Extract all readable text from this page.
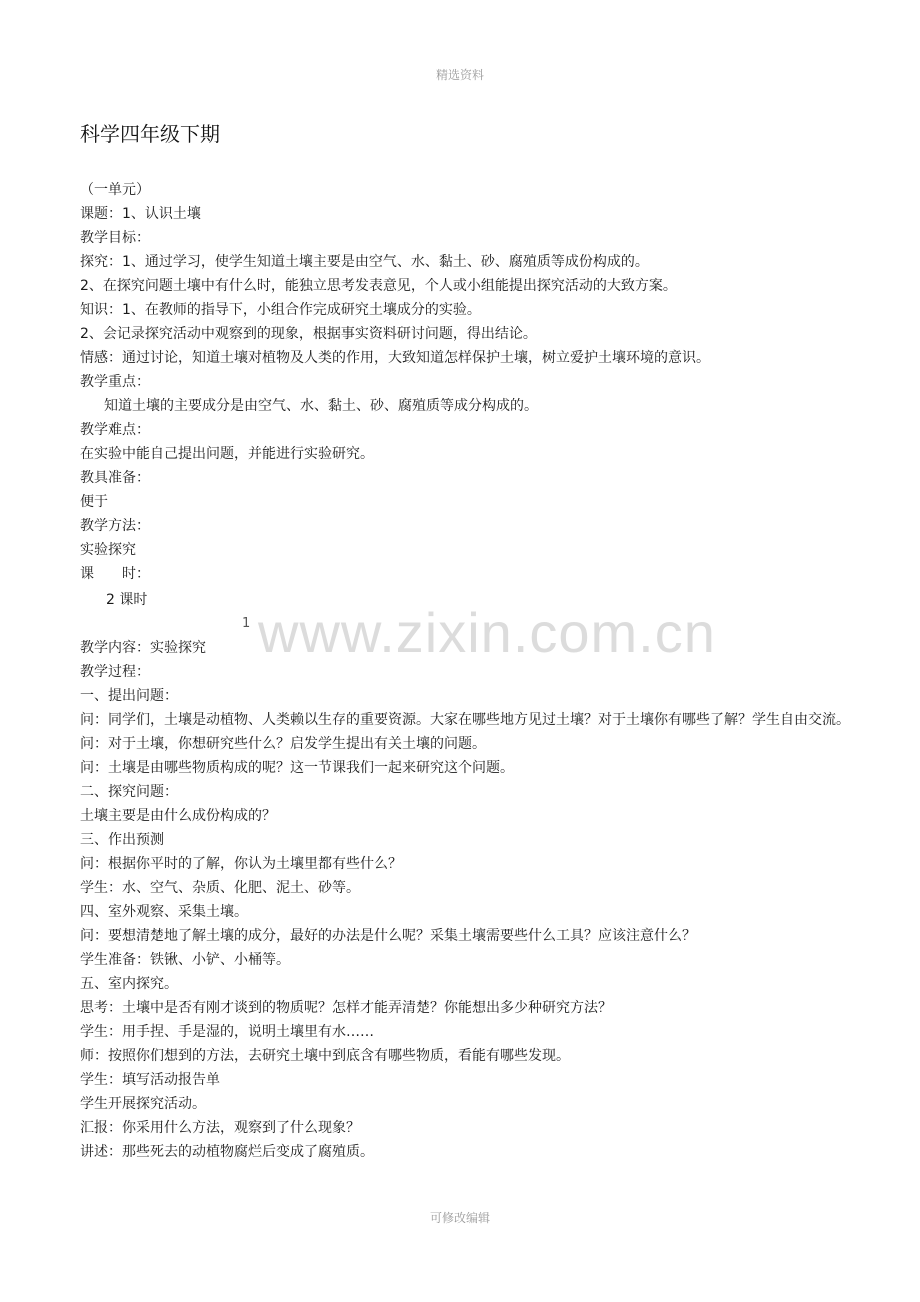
精选资料
www.zixin.com.cn
1
科学四年级下期
（一单元）
课题：1、认识土壤
教学目标：
探究：1、通过学习，使学生知道土壤主要是由空气、水、黏土、砂、腐殖质等成份构成的。
2、在探究问题土壤中有什么时，能独立思考发表意见，个人或小组能提出探究活动的大致方案。
知识：1、在教师的指导下，小组合作完成研究土壤成分的实验。
2、会记录探究活动中观察到的现象，根据事实资料研讨问题，得出结论。
情感：通过讨论，知道土壤对植物及人类的作用，大致知道怎样保护土壤，树立爱护土壤环境的意识。
教学重点：
知道土壤的主要成分是由空气、水、黏土、砂、腐殖质等成分构成的。
教学难点：
在实验中能自己提出问题，并能进行实验研究。
教具准备：
便于
教学方法：
实验探究
课　　时：
2 课时
教学内容：实验探究
教学过程：
一、提出问题：
问：同学们，土壤是动植物、人类赖以生存的重要资源。大家在哪些地方见过土壤？对于土壤你有哪些了解？学生自由交流。
问：对于土壤，你想研究些什么？启发学生提出有关土壤的问题。
问：土壤是由哪些物质构成的呢？这一节课我们一起来研究这个问题。
二、探究问题：
土壤主要是由什么成份构成的？
三、作出预测
问：根据你平时的了解，你认为土壤里都有些什么？
学生：水、空气、杂质、化肥、泥土、砂等。
四、室外观察、采集土壤。
问：要想清楚地了解土壤的成分，最好的办法是什么呢？采集土壤需要些什么工具？应该注意什么？
学生准备：铁锹、小铲、小桶等。
五、室内探究。
思考：土壤中是否有刚才谈到的物质呢？怎样才能弄清楚？你能想出多少种研究方法？
学生：用手捏、手是湿的，说明土壤里有水……
师：按照你们想到的方法，去研究土壤中到底含有哪些物质，看能有哪些发现。
学生：填写活动报告单
学生开展探究活动。
汇报：你采用什么方法，观察到了什么现象？
讲述：那些死去的动植物腐烂后变成了腐殖质。
可修改编辑
